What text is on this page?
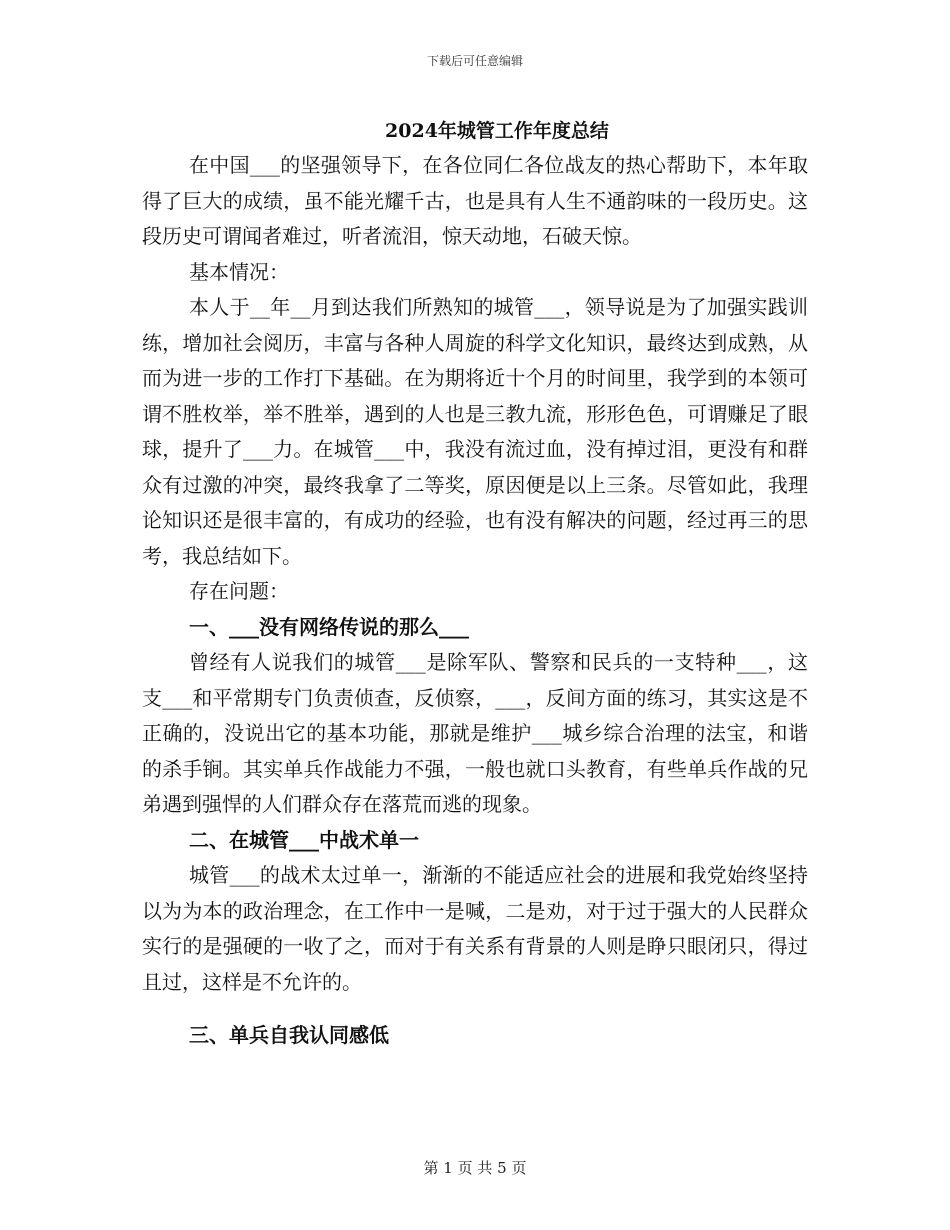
下载后可任意编辑
2024年城管工作年度总结

在中国___的坚强领导下，在各位同仁各位战友的热心帮助下，本年取得了巨大的成绩，虽不能光耀千古，也是具有人生不通韵味的一段历史。这段历史可谓闻者难过，听者流泪，惊天动地，石破天惊。

基本情况：

本人于__年__月到达我们所熟知的城管___，领导说是为了加强实践训练，增加社会阅历，丰富与各种人周旋的科学文化知识，最终达到成熟，从而为进一步的工作打下基础。在为期将近十个月的时间里，我学到的本领可谓不胜枚举，举不胜举，遇到的人也是三教九流，形形色色，可谓赚足了眼球，提升了___力。在城管___中，我没有流过血，没有掉过泪，更没有和群众有过激的冲突，最终我拿了二等奖，原因便是以上三条。尽管如此，我理论知识还是很丰富的，有成功的经验，也有没有解决的问题，经过再三的思考，我总结如下。

存在问题：

一、___没有网络传说的那么___

曾经有人说我们的城管___是除军队、警察和民兵的一支特种___，这支___和平常期专门负责侦查，反侦察，___，反间方面的练习，其实这是不正确的，没说出它的基本功能，那就是维护___城乡综合治理的法宝，和谐的杀手锏。其实单兵作战能力不强，一般也就口头教育，有些单兵作战的兄弟遇到强悍的人们群众存在落荒而逃的现象。

二、在城管___中战术单一

城管___的战术太过单一，渐渐的不能适应社会的进展和我党始终坚持以为为本的政治理念，在工作中一是喊，二是劝，对于过于强大的人民群众实行的是强硬的一收了之，而对于有关系有背景的人则是睁只眼闭只，得过且过，这样是不允许的。

三、单兵自我认同感低

第 1 页 共 5 页
